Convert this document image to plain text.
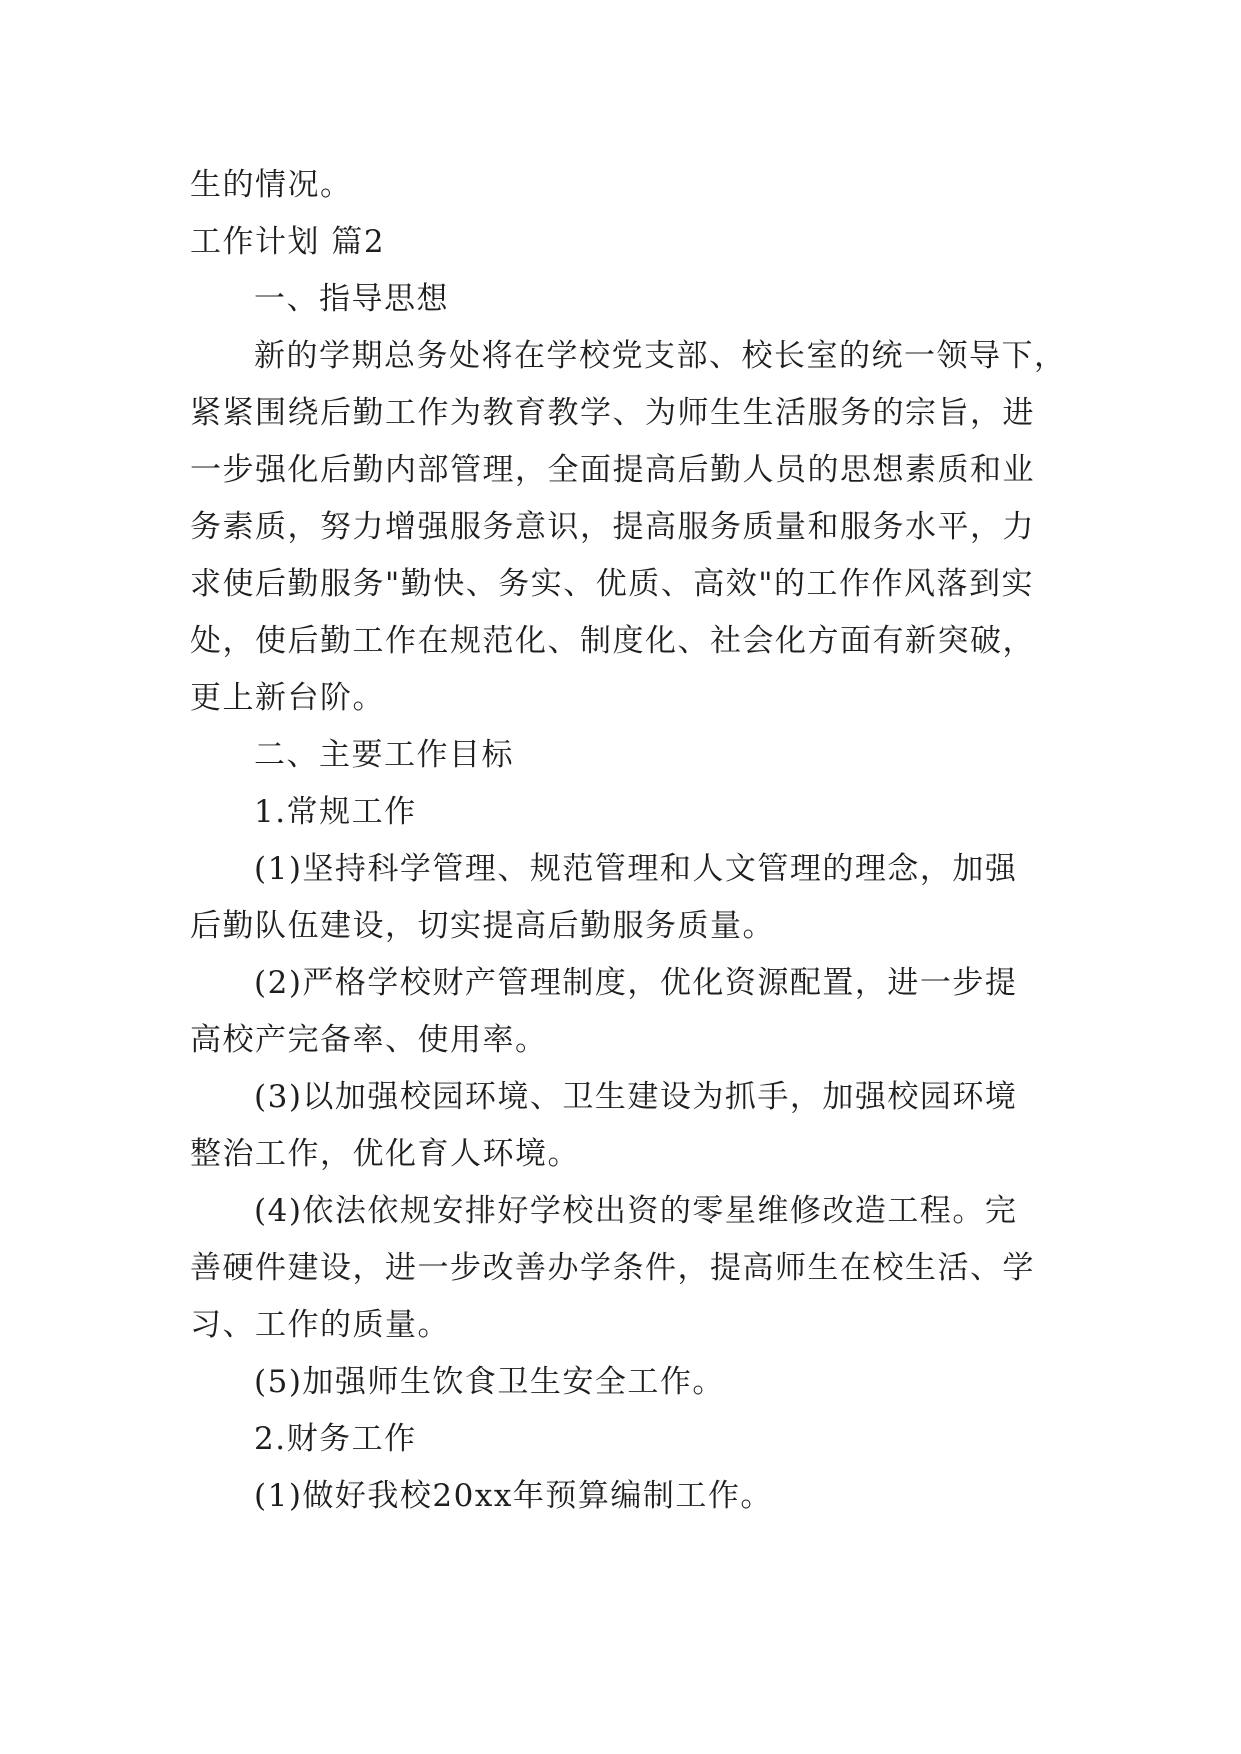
生的情况。
工作计划 篇2
一、指导思想
新的学期总务处将在学校党支部、校长室的统一领导下，
紧紧围绕后勤工作为教育教学、为师生生活服务的宗旨，进
一步强化后勤内部管理，全面提高后勤人员的思想素质和业
务素质，努力增强服务意识，提高服务质量和服务水平，力
求使后勤服务"勤快、务实、优质、高效"的工作作风落到实
处，使后勤工作在规范化、制度化、社会化方面有新突破，
更上新台阶。
二、主要工作目标
1.常规工作
(1)坚持科学管理、规范管理和人文管理的理念，加强
后勤队伍建设，切实提高后勤服务质量。
(2)严格学校财产管理制度，优化资源配置，进一步提
高校产完备率、使用率。
(3)以加强校园环境、卫生建设为抓手，加强校园环境
整治工作，优化育人环境。
(4)依法依规安排好学校出资的零星维修改造工程。完
善硬件建设，进一步改善办学条件，提高师生在校生活、学
习、工作的质量。
(5)加强师生饮食卫生安全工作。
2.财务工作
(1)做好我校20xx年预算编制工作。
